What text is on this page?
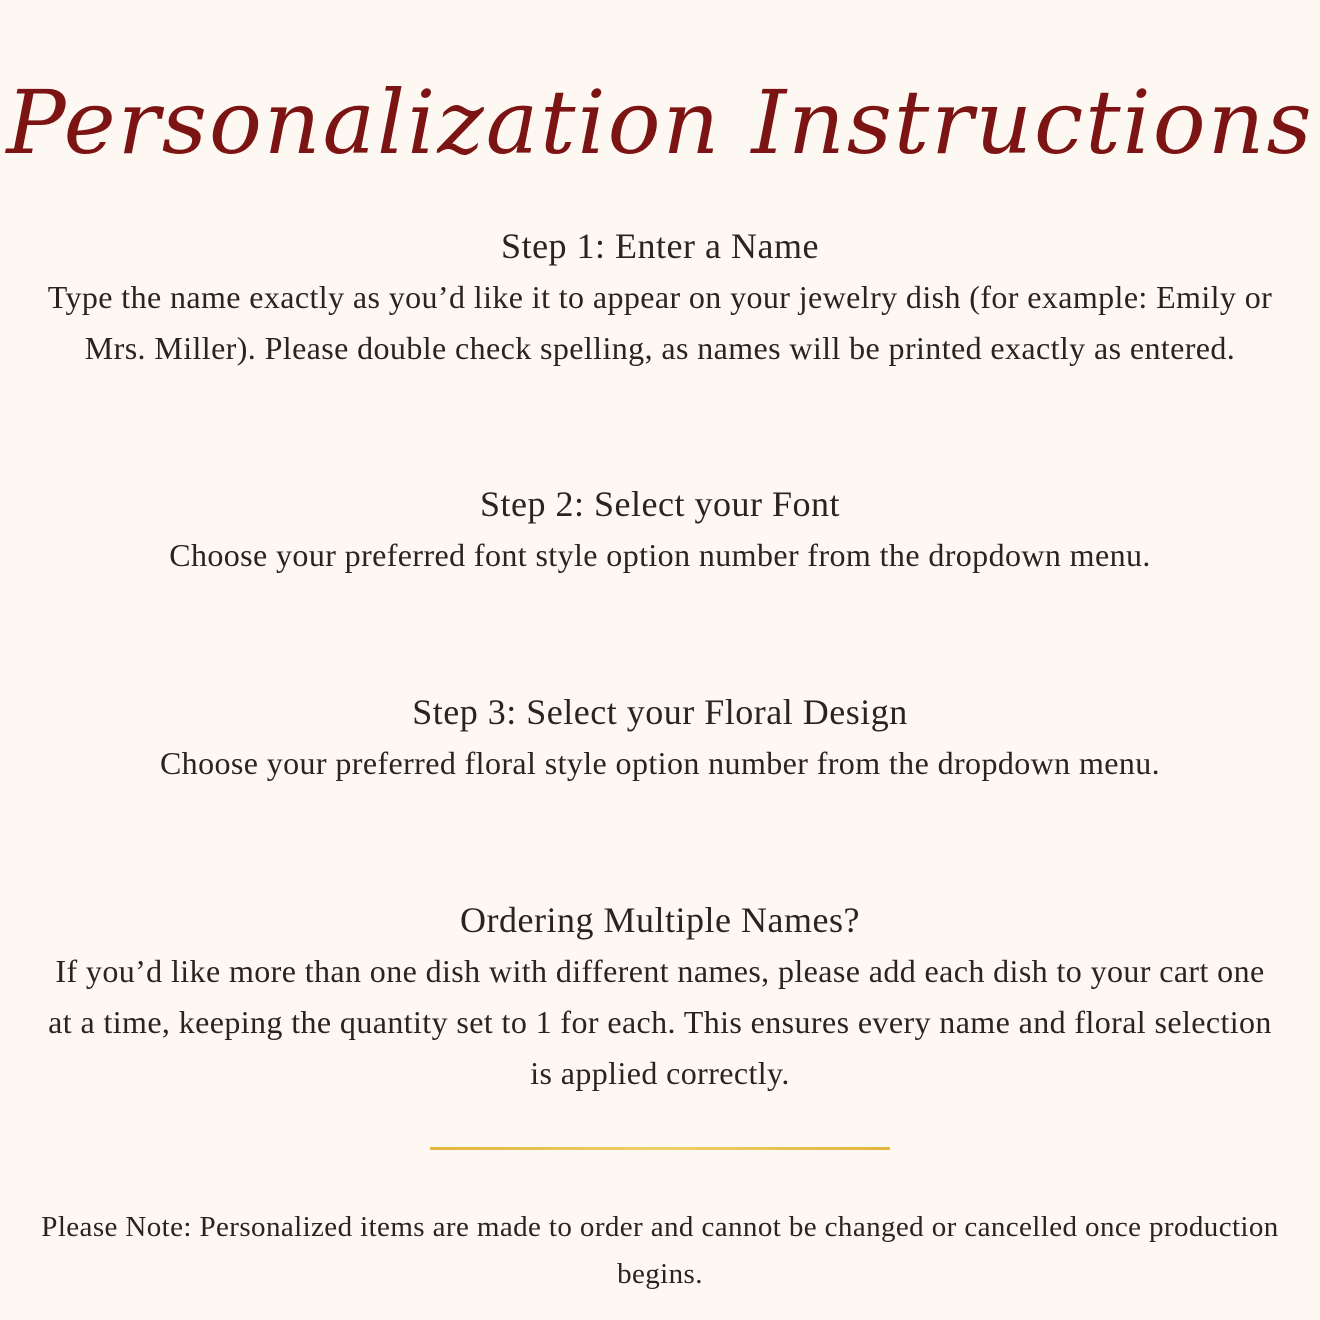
Personalization Instructions
Step 1: Enter a Name
Type the name exactly as you’d like it to appear on your jewelry dish (for example: Emily or Mrs. Miller). Please double check spelling, as names will be printed exactly as entered.
Step 2: Select your Font
Choose your preferred font style option number from the dropdown menu.
Step 3: Select your Floral Design
Choose your preferred floral style option number from the dropdown menu.
Ordering Multiple Names?
If you’d like more than one dish with different names, please add each dish to your cart one at a time, keeping the quantity set to 1 for each. This ensures every name and floral selection is applied correctly.
Please Note: Personalized items are made to order and cannot be changed or cancelled once production begins.
